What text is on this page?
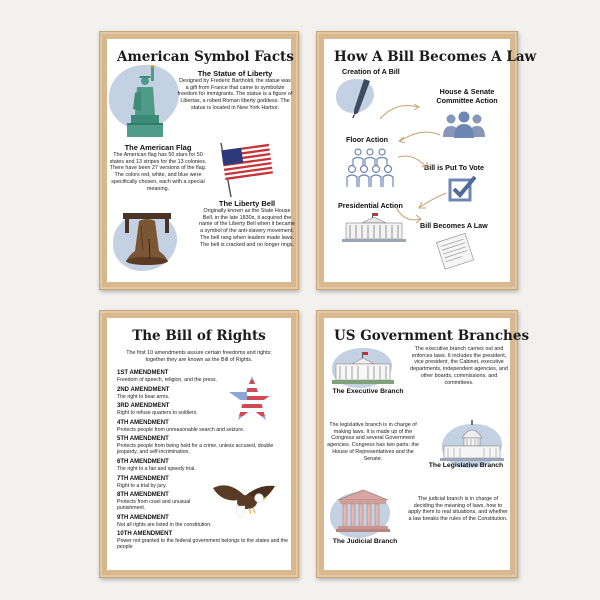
American Symbol Facts
The Statue of Liberty
Designed by Frederic Bartholdi, the statue was a gift from France that came to symbolize freedom for immigrants. The statue is a figure of Libertas, a robed Roman liberty goddess. The statue is located in New York Harbor.
The American Flag
The American flag has 50 stars for 50 states and 13 stripes for the 13 colonies. There have been 27 versions of the flag. The colors red, white, and blue were specifically chosen, each with a special meaning.
The Liberty Bell
Originally known as the State House Bell, in the late 1830s, it acquired the name of the Liberty Bell when it became a symbol of the anti-slavery movement. The bell rang when leaders made laws. The bell is cracked and no longer rings.
How A Bill Becomes A Law
Creation of A Bill
House & Senate
Committee Action
Floor Action
Bill is Put To Vote
Presidential Action
Bill Becomes A Law
The Bill of Rights
The first 10 amendments assure certain freedoms and rights; together they are known as the Bill of Rights.
1ST AMENDMENT
Freedom of speech, religion, and the press.
2ND AMENDMENT
The right to bear arms.
3RD AMENDMENT
Right to refuse quarters to soldiers.
4TH AMENDMENT
Protects people from unreasonable search and seizure.
5TH AMENDMENT
Protects people from being held for a crime, unless accused, double jeopardy, and self-incrimination.
6TH AMENDMENT
The right to a fair and speedy trial.
7TH AMENDMENT
Right to a trial by jury.
8TH AMENDMENT
Protects from cruel and unusual punishment.
9TH AMENDMENT
Not all rights are listed in the constitution.
10TH AMENDMENT
Power not granted to the federal government belongs to the states and the people
US Government Branches
The Executive Branch
The executive branch carries out and enforces laws. It includes the president, vice president, the Cabinet, executive departments, independent agencies, and other boards, commissions, and committees.
The legislative branch is in charge of making laws. It is made up of the Congress and several Government agencies. Congress has two parts: the House of Representatives and the Senate.
The Legislative Branch
The Judicial Branch
The judicial branch is in charge of deciding the meaning of laws, how to apply them to real situations, and whether a law breaks the rules of the Constitution.
